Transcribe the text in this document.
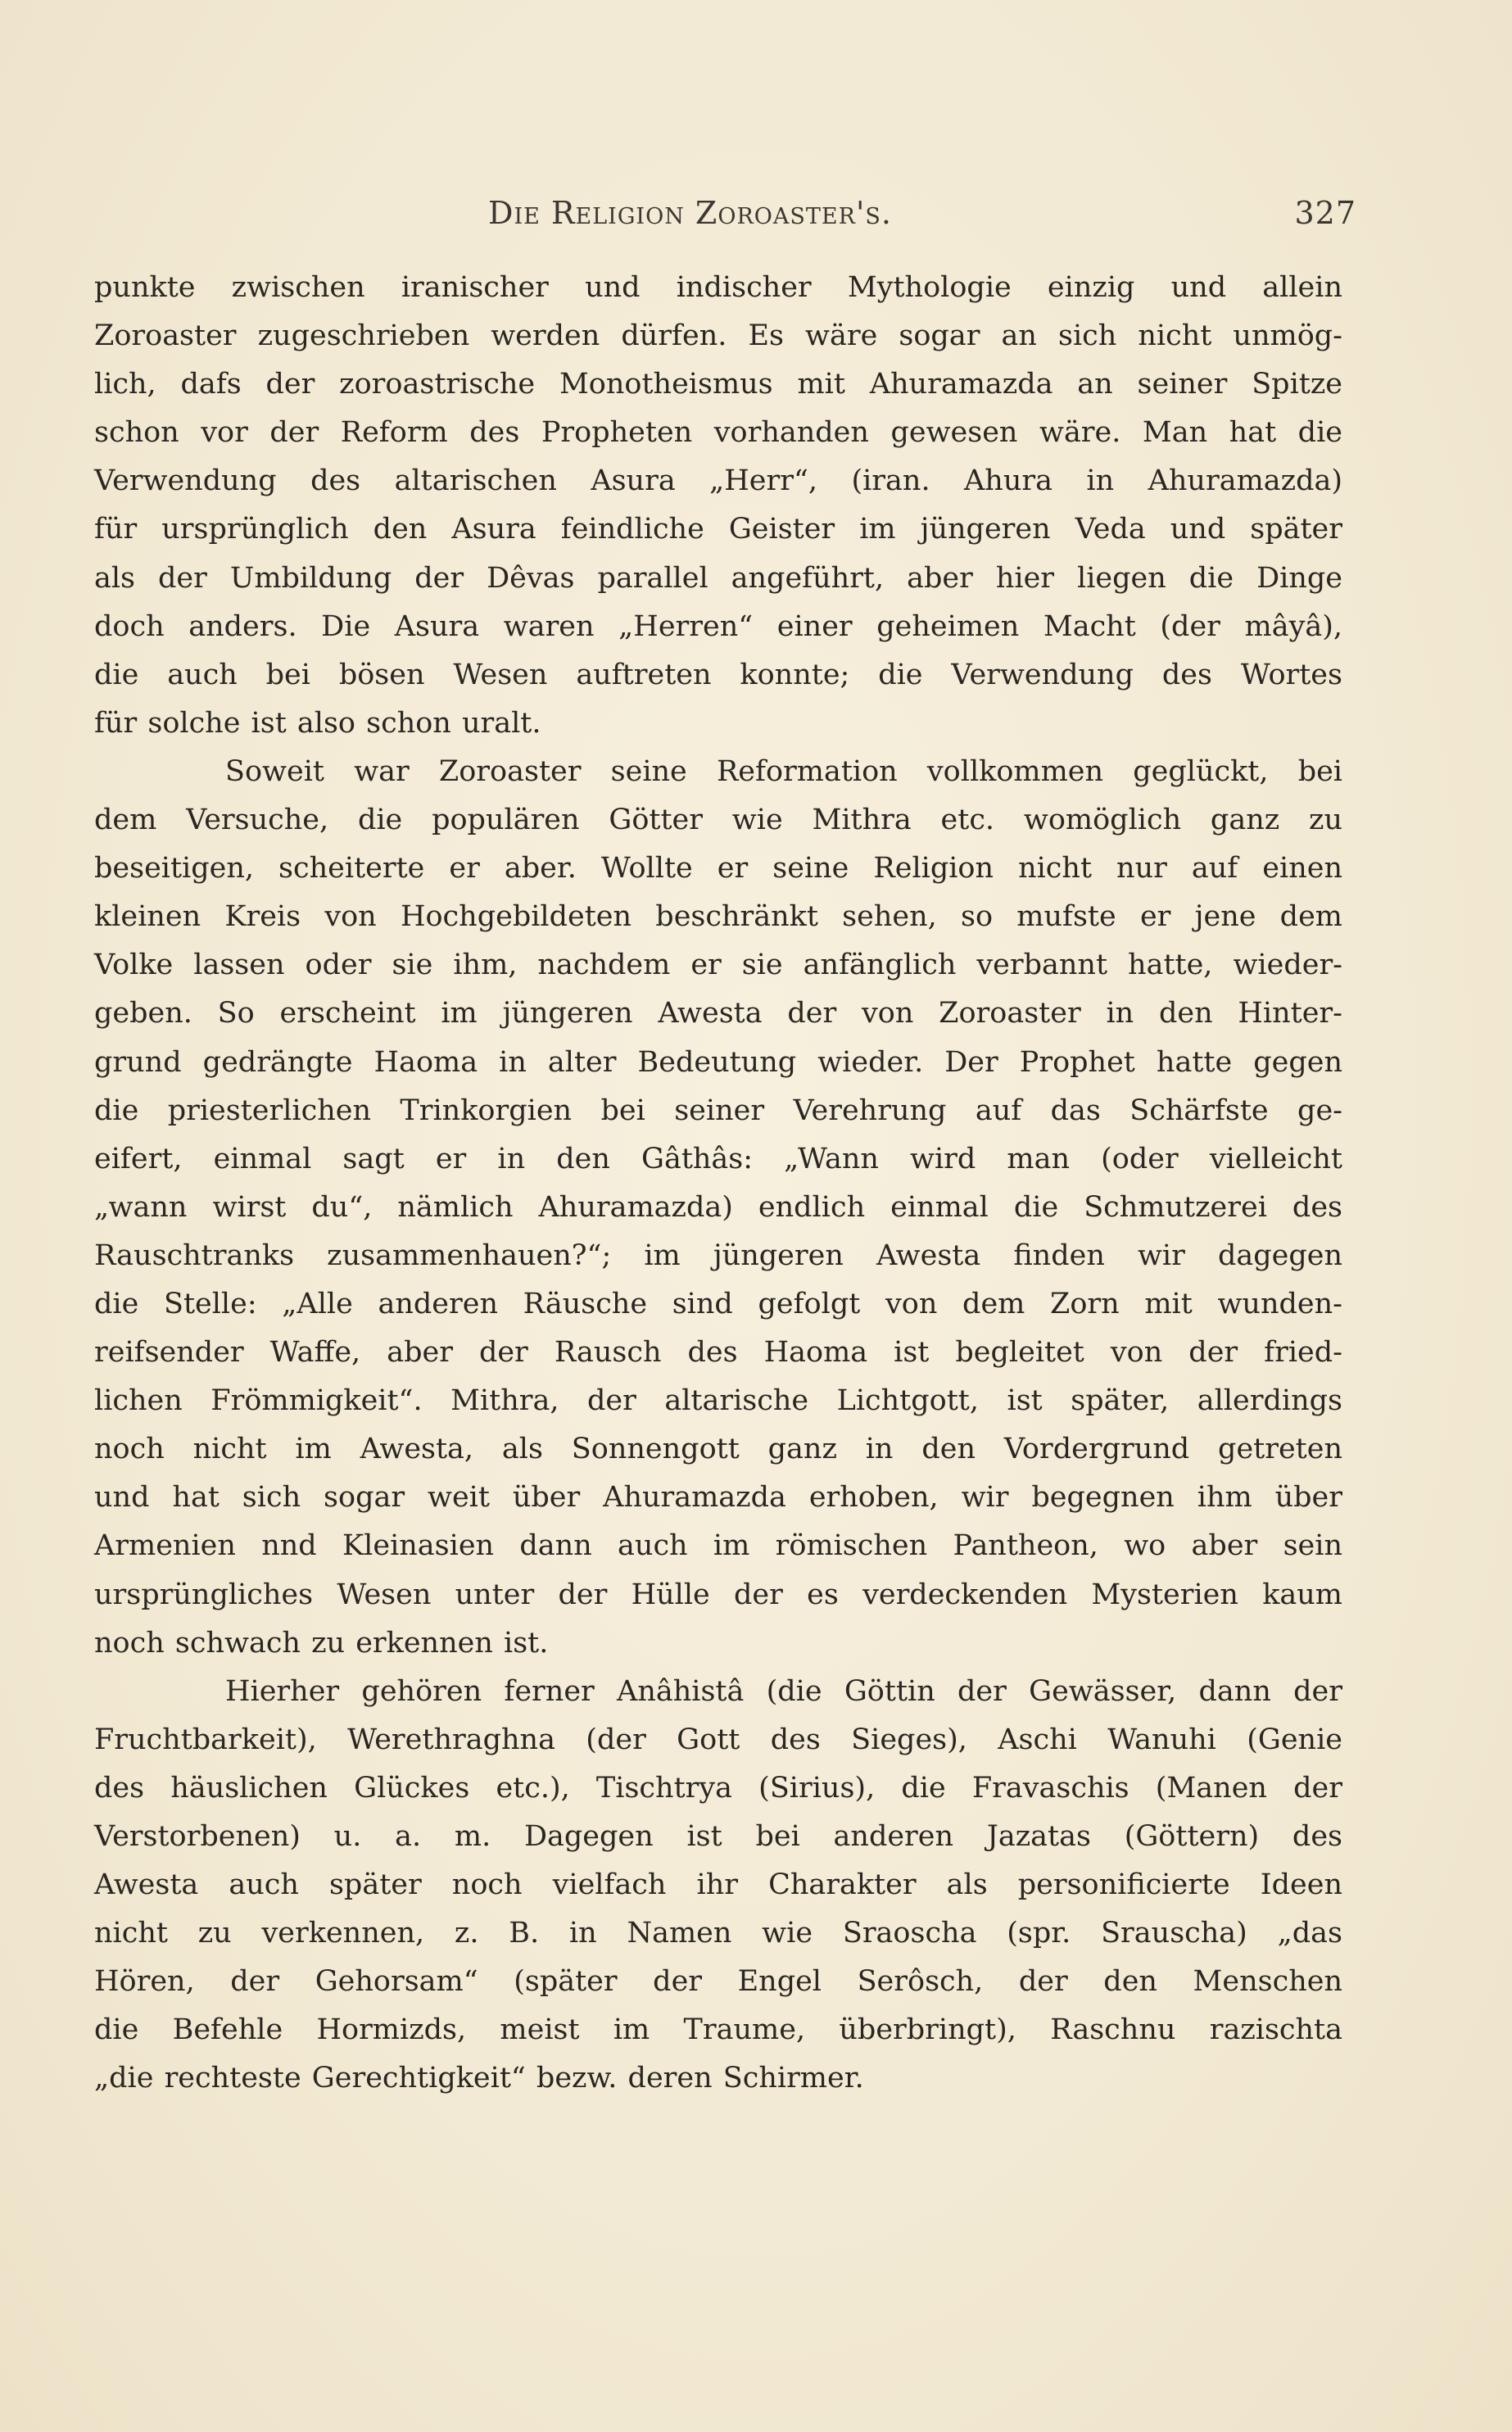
Die Religion Zoroaster's.	327
punkte zwischen iranischer und indischer Mythologie einzig und allein
Zoroaster zugeschrieben werden dürfen. Es wäre sogar an sich nicht unmög-
lich, dafs der zoroastrische Monotheismus mit Ahuramazda an seiner Spitze
schon vor der Reform des Propheten vorhanden gewesen wäre. Man hat die
Verwendung des altarischen Asura „Herr“, (iran. Ahura in Ahuramazda)
für ursprünglich den Asura feindliche Geister im jüngeren Veda und später
als der Umbildung der Dêvas parallel angeführt, aber hier liegen die Dinge
doch anders. Die Asura waren „Herren“ einer geheimen Macht (der mâyâ),
die auch bei bösen Wesen auftreten konnte; die Verwendung des Wortes
für solche ist also schon uralt.
Soweit war Zoroaster seine Reformation vollkommen geglückt, bei
dem Versuche, die populären Götter wie Mithra etc. womöglich ganz zu
beseitigen, scheiterte er aber. Wollte er seine Religion nicht nur auf einen
kleinen Kreis von Hochgebildeten beschränkt sehen, so mufste er jene dem
Volke lassen oder sie ihm, nachdem er sie anfänglich verbannt hatte, wieder-
geben. So erscheint im jüngeren Awesta der von Zoroaster in den Hinter-
grund gedrängte Haoma in alter Bedeutung wieder. Der Prophet hatte gegen
die priesterlichen Trinkorgien bei seiner Verehrung auf das Schärfste ge-
eifert, einmal sagt er in den Gâthâs: „Wann wird man (oder vielleicht
„wann wirst du“, nämlich Ahuramazda) endlich einmal die Schmutzerei des
Rauschtranks zusammenhauen?“; im jüngeren Awesta finden wir dagegen
die Stelle: „Alle anderen Räusche sind gefolgt von dem Zorn mit wunden-
reifsender Waffe, aber der Rausch des Haoma ist begleitet von der fried-
lichen Frömmigkeit“. Mithra, der altarische Lichtgott, ist später, allerdings
noch nicht im Awesta, als Sonnengott ganz in den Vordergrund getreten
und hat sich sogar weit über Ahuramazda erhoben, wir begegnen ihm über
Armenien nnd Kleinasien dann auch im römischen Pantheon, wo aber sein
ursprüngliches Wesen unter der Hülle der es verdeckenden Mysterien kaum
noch schwach zu erkennen ist.
Hierher gehören ferner Anâhistâ (die Göttin der Gewässer, dann der
Fruchtbarkeit), Werethraghna (der Gott des Sieges), Aschi Wanuhi (Genie
des häuslichen Glückes etc.), Tischtrya (Sirius), die Fravaschis (Manen der
Verstorbenen) u. a. m. Dagegen ist bei anderen Jazatas (Göttern) des
Awesta auch später noch vielfach ihr Charakter als personificierte Ideen
nicht zu verkennen, z. B. in Namen wie Sraoscha (spr. Srauscha) „das
Hören, der Gehorsam“ (später der Engel Serôsch, der den Menschen
die Befehle Hormizds, meist im Traume, überbringt), Raschnu razischta
„die rechteste Gerechtigkeit“ bezw. deren Schirmer.
